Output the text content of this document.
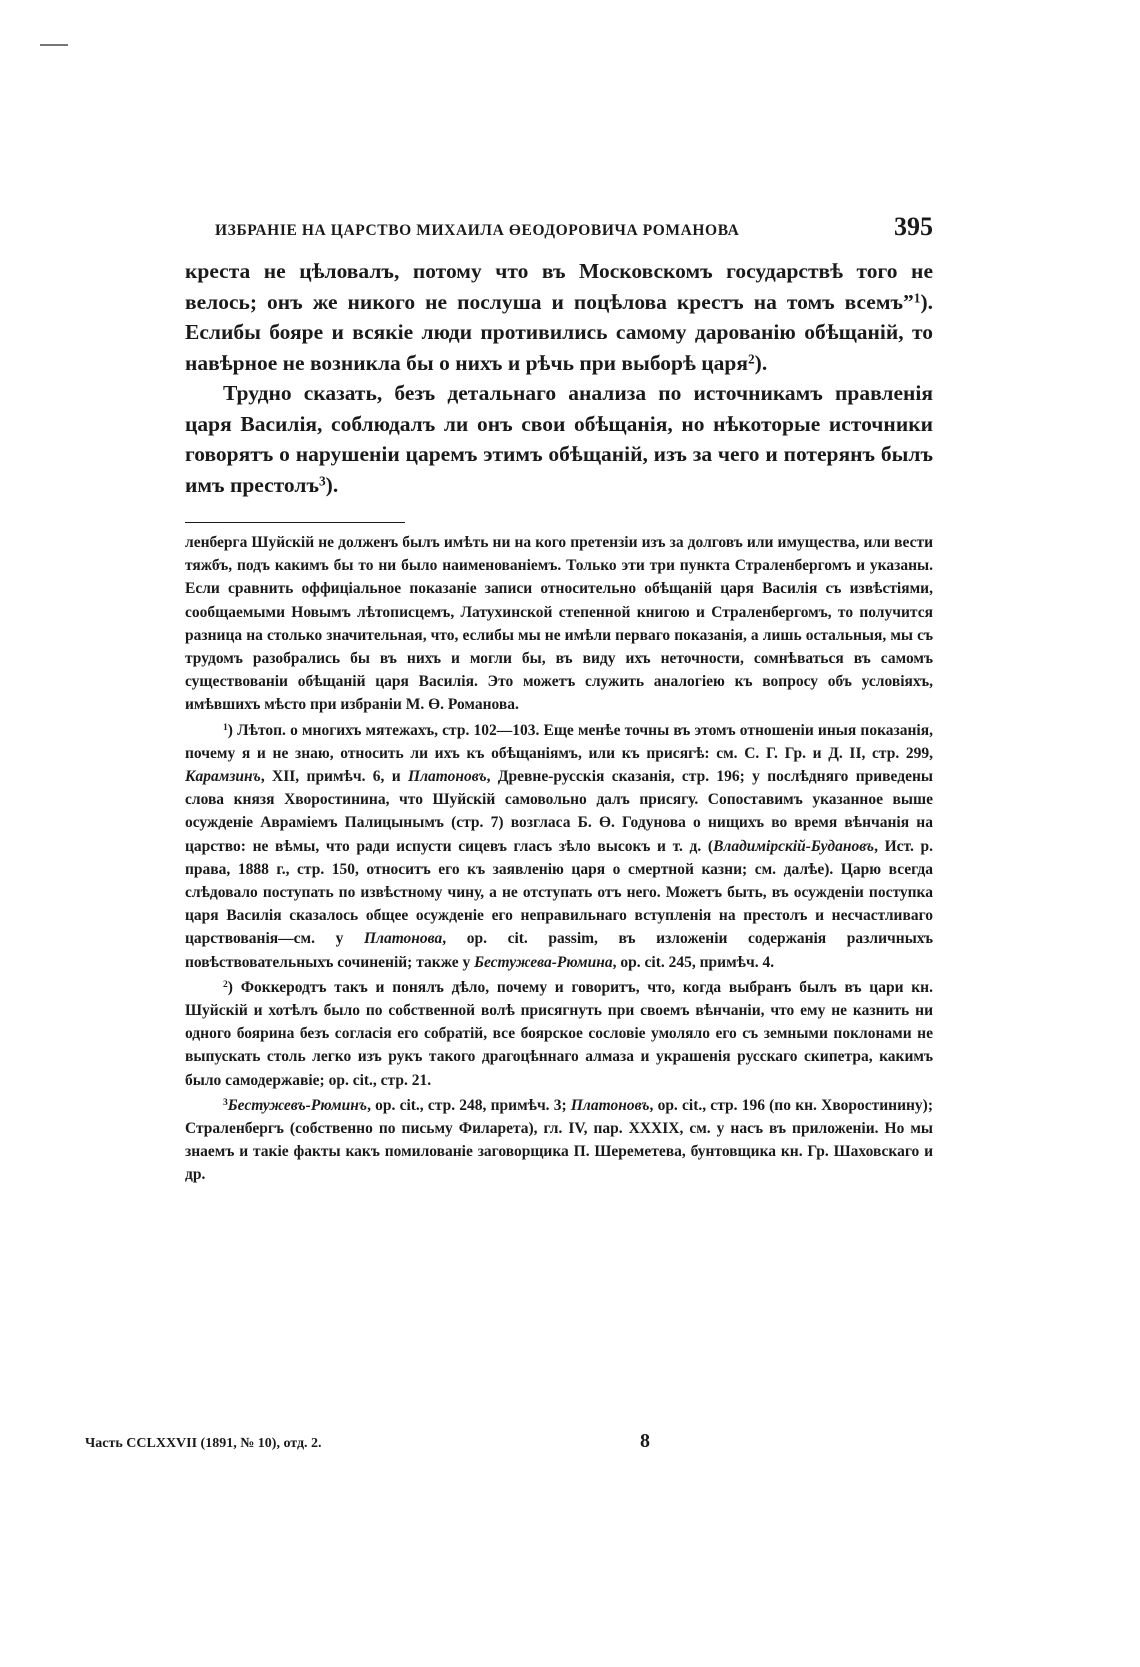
ИЗБРАНІЕ НА ЦАРСТВО МИХАИЛА ӨЕОДОРОВИЧА РОМАНОВА	395

креста не цѣловалъ, потому что въ Московскомъ государствѣ того не велось; онъ же никого не послуша и поцѣлова крестъ на томъ всемъ”$^1$). Еслибы бояре и всякіе люди противились самому дарованію обѣщаній, то навѣрное не возникла бы о нихъ и рѣчь при выборѣ царя$^2$).

Трудно сказать, безъ детальнаго анализа по источникамъ правленія царя Василія, соблюдалъ ли онъ свои обѣщанія, но нѣкоторые источники говорятъ о нарушеніи царемъ этимъ обѣщаній, изъ за чего и потерянъ былъ имъ престолъ$^3$).

ленберга Шуйскій не долженъ былъ имѣть ни на кого претензіи изъ за долговъ или имущества, или вести тяжбъ, подъ какимъ бы то ни было наименованіемъ. Только эти три пункта Страленбергомъ и указаны. Если сравнить оффиціальное показаніе записи относительно обѣщаній царя Василія съ извѣстіями, сообщаемыми Новымъ лѣтописцемъ, Латухинской степенной книгою и Страленбергомъ, то получится разница на столько значительная, что, еслибы мы не имѣли перваго показанія, а лишь остальныя, мы съ трудомъ разобрались бы въ нихъ и могли бы, въ виду ихъ неточности, сомнѣваться въ самомъ существованіи обѣщаній царя Василія. Это можетъ служить аналогіею къ вопросу объ условіяхъ, имѣвшихъ мѣсто при избраніи М. Ө. Романова.

$^1$) Лѣтоп. о многихъ мятежахъ, стр. 102—103. Еще менѣе точны въ этомъ отношеніи иныя показанія, почему я и не знаю, относить ли ихъ къ обѣщаніямъ, или къ присягѣ: см. С. Г. Гр. и Д. II, стр. 299, Карамзинъ, ХII, примѣч. 6, и Платоновъ, Древне-русскія сказанія, стр. 196; у послѣдняго приведены слова князя Хворостинина, что Шуйскій самовольно далъ присягу. Сопоставимъ указанное выше осужденіе Авраміемъ Палицынымъ (стр. 7) возгласа Б. Ө. Годунова о нищихъ во время вѣнчанія на царство: не вѣмы, что ради испусти сицевъ гласъ зѣло высокъ и т. д. (Владимірскій-Будановъ, Ист. р. права, 1888 г., стр. 150, относитъ его къ заявленію царя о смертной казни; см. далѣе). Царю всегда слѣдовало поступать по извѣстному чину, а не отступать отъ него. Можетъ быть, въ осужденіи поступка царя Василія сказалось общее осужденіе его неправильнаго вступленія на престолъ и несчастливаго царствованія—см. у Платонова, op. cit. passim, въ изложеніи содержанія различныхъ повѣствовательныхъ сочиненій; также у Бестужева-Рюмина, op. cit. 245, примѣч. 4.

$^2$) Фоккеродтъ такъ и понялъ дѣло, почему и говоритъ, что, когда выбранъ былъ въ цари кн. Шуйскій и хотѣлъ было по собственной волѣ присягнуть при своемъ вѣнчаніи, что ему не казнить ни одного боярина безъ согласія его собратій, все боярское сословіе умоляло его съ земными поклонами не выпускать столь легко изъ рукъ такого драгоцѣннаго алмаза и украшенія русскаго скипетра, какимъ было самодержавіе; op. cit., стр. 21.

$^3$Бестужевъ-Рюминъ, op. cit., стр. 248, примѣч. 3; Платоновъ, op. cit., стр. 196 (по кн. Хворостинину); Страленбергъ (собственно по письму Филарета), гл. IV, пар. XXXIX, см. у насъ въ приложеніи. Но мы знаемъ и такіе факты какъ помилованіе заговорщика П. Шереметева, бунтовщика кн. Гр. Шаховскаго и др.

Часть CCLXXVII (1891, № 10), отд. 2.	8
